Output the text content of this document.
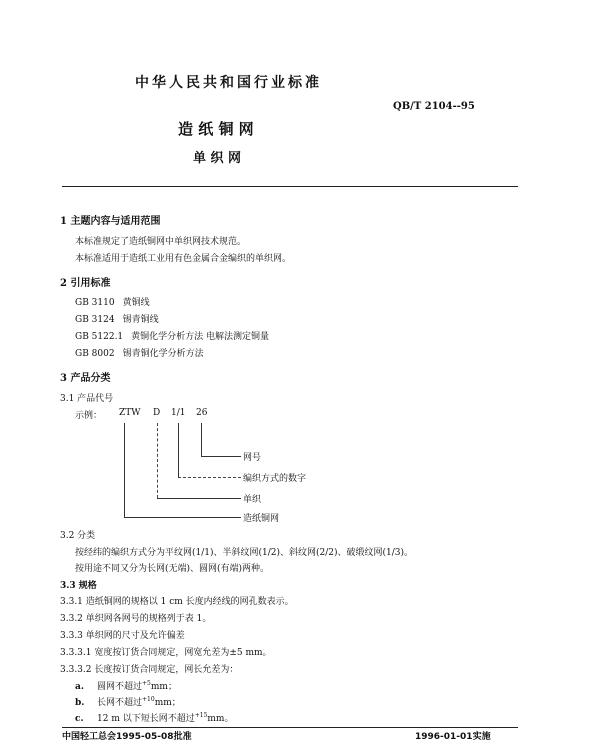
中华人民共和国行业标准
QB/T 2104--95
造 纸 铜 网
单 织 网
1 主题内容与适用范围
本标准规定了造纸铜网中单织网技术规范。
本标准适用于造纸工业用有色金属合金编织的单织网。
2 引用标准
GB 3110 黄铜线
GB 3124 锡青铜线
GB 5122.1 黄铜化学分析方法 电解法测定铜量
GB 8002 锡青铜化学分析方法
3 产品分类
3.1 产品代号
示例： ZTW D 1/1 26
网号
编织方式的数字
单织
造纸铜网
3.2 分类
按经纬的编织方式分为平纹网(1/1)、半斜纹网(1/2)、斜纹网(2/2)、破缎纹网(1/3)。
按用途不同又分为长网(无端)、圆网(有端)两种。
3.3 规格
3.3.1 造纸铜网的规格以 1 cm 长度内经线的网孔数表示。
3.3.2 单织网各网号的规格列于表 1。
3.3.3 单织网的尺寸及允许偏差
3.3.3.1 宽度按订货合同规定，网宽允差为±5 mm。
3.3.3.2 长度按订货合同规定，网长允差为：
a. 圆网不超过$^{+5}$mm；
b. 长网不超过$^{+10}$mm；
c. 12 m 以下短长网不超过$^{+15}$mm。
中国轻工总会1995-05-08批准	1996-01-01实施
